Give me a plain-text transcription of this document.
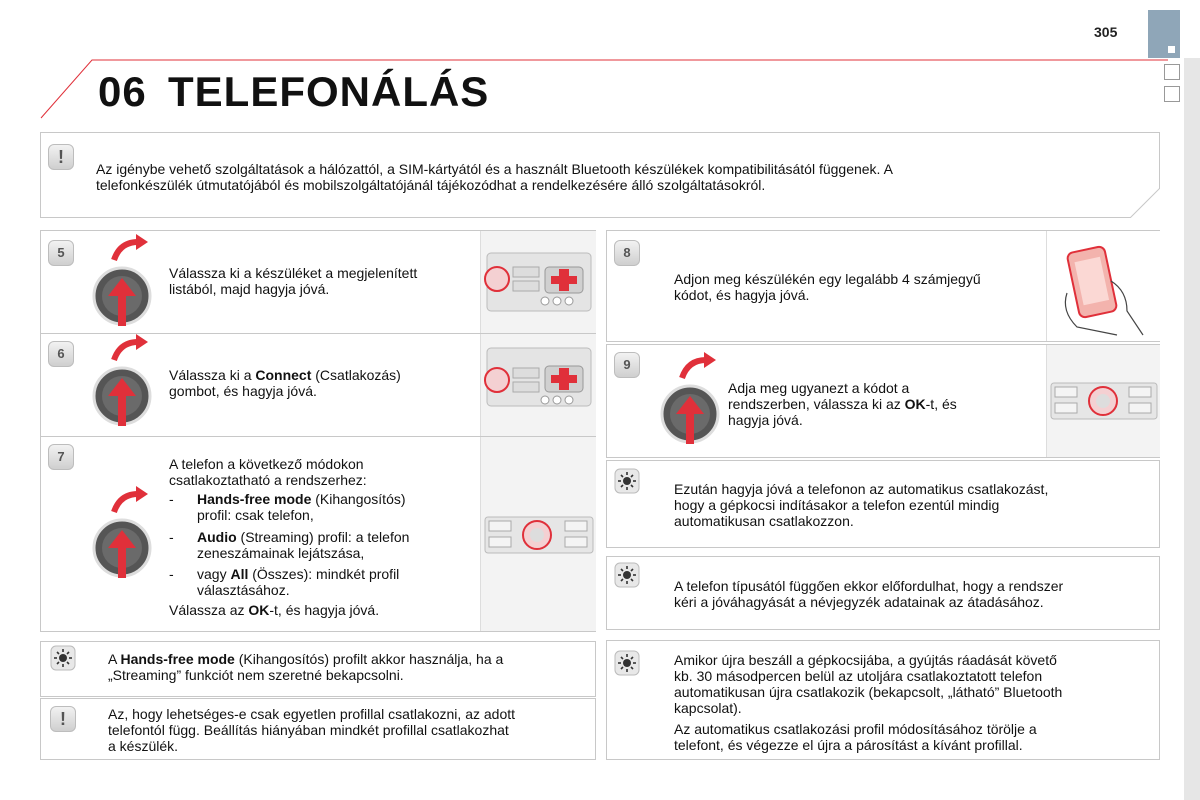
305
06 TELEFONÁLÁS
!
Az igénybe vehető szolgáltatások a hálózattól, a SIM-kártyától és a használt Bluetooth készülékek kompatibilitásától függenek. A
telefonkészülék útmutatójából és mobilszolgáltatójánál tájékozódhat a rendelkezésére álló szolgáltatásokról.
5
Válassza ki a készüléket a megjelenített
listából, majd hagyja jóvá.
6
Válassza ki a Connect (Csatlakozás)
gombot, és hagyja jóvá.
7	A telefon a következő módokon
csatlakoztatható a rendszerhez:
- Hands-free mode (Kihangosítós)
profil: csak telefon,
- Audio (Streaming) profil: a telefon
zeneszámainak lejátszása,
- vagy All (Összes): mindkét profil
választásához.
Válassza az OK-t, és hagyja jóvá.
A Hands-free mode (Kihangosítós) profilt akkor használja, ha a
„Streaming” funkciót nem szeretné bekapcsolni.
!	Az, hogy lehetséges-e csak egyetlen profillal csatlakozni, az adott
telefontól függ. Beállítás hiányában mindkét profillal csatlakozhat
a készülék.
8
Adjon meg készülékén egy legalább 4 számjegyű
kódot, és hagyja jóvá.
9
Adja meg ugyanezt a kódot a
rendszerben, válassza ki az OK-t, és
hagyja jóvá.
Ezután hagyja jóvá a telefonon az automatikus csatlakozást,
hogy a gépkocsi indításakor a telefon ezentúl mindig
automatikusan csatlakozzon.
A telefon típusától függően ekkor előfordulhat, hogy a rendszer
kéri a jóváhagyását a névjegyzék adatainak az átadásához.
Amikor újra beszáll a gépkocsijába, a gyújtás ráadását követő
kb. 30 másodpercen belül az utoljára csatlakoztatott telefon
automatikusan újra csatlakozik (bekapcsolt, „látható” Bluetooth
kapcsolat).
Az automatikus csatlakozási profil módosításához törölje a
telefont, és végezze el újra a párosítást a kívánt profillal.
